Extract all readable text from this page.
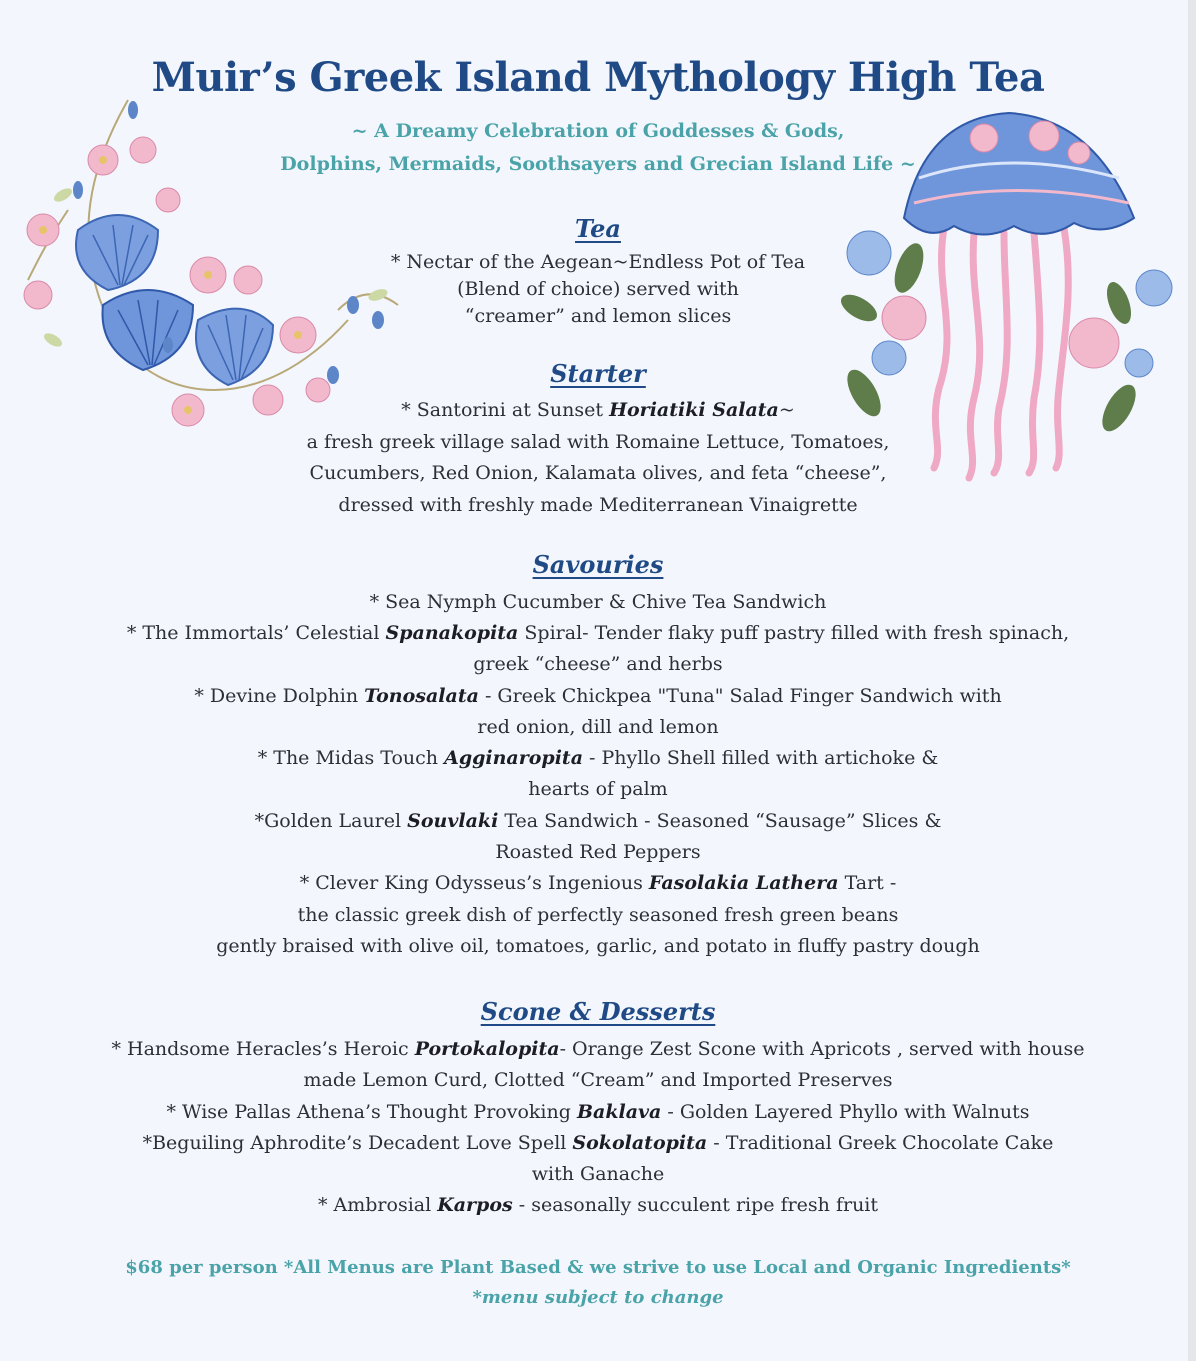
Muir’s Greek Island Mythology High Tea
~ A Dreamy Celebration of Goddesses & Gods,
Dolphins, Mermaids, Soothsayers and Grecian Island Life ~
Tea
* Nectar of the Aegean~Endless Pot of Tea
(Blend of choice) served with
“creamer” and lemon slices
Starter
* Santorini at Sunset Horiatiki Salata~
a fresh greek village salad with Romaine Lettuce, Tomatoes,
Cucumbers, Red Onion, Kalamata olives, and feta “cheese”,
dressed with freshly made Mediterranean Vinaigrette
Savouries
* Sea Nymph Cucumber & Chive Tea Sandwich
* The Immortals’ Celestial Spanakopita Spiral- Tender flaky puff pastry filled with fresh spinach,
greek “cheese” and herbs
* Devine Dolphin Tonosalata - Greek Chickpea "Tuna" Salad Finger Sandwich with
red onion, dill and lemon
* The Midas Touch Agginaropita - Phyllo Shell filled with artichoke &
hearts of palm
*Golden Laurel Souvlaki Tea Sandwich - Seasoned “Sausage” Slices &
Roasted Red Peppers
* Clever King Odysseus’s Ingenious Fasolakia Lathera Tart -
the classic greek dish of perfectly seasoned fresh green beans
gently braised with olive oil, tomatoes, garlic, and potato in fluffy pastry dough
Scone & Desserts
* Handsome Heracles’s Heroic Portokalopita- Orange Zest Scone with Apricots , served with house
made Lemon Curd, Clotted “Cream” and Imported Preserves
* Wise Pallas Athena’s Thought Provoking Baklava - Golden Layered Phyllo with Walnuts
*Beguiling Aphrodite’s Decadent Love Spell Sokolatopita - Traditional Greek Chocolate Cake
with Ganache
* Ambrosial Karpos - seasonally succulent ripe fresh fruit
$68 per person *All Menus are Plant Based & we strive to use Local and Organic Ingredients*
*menu subject to change
